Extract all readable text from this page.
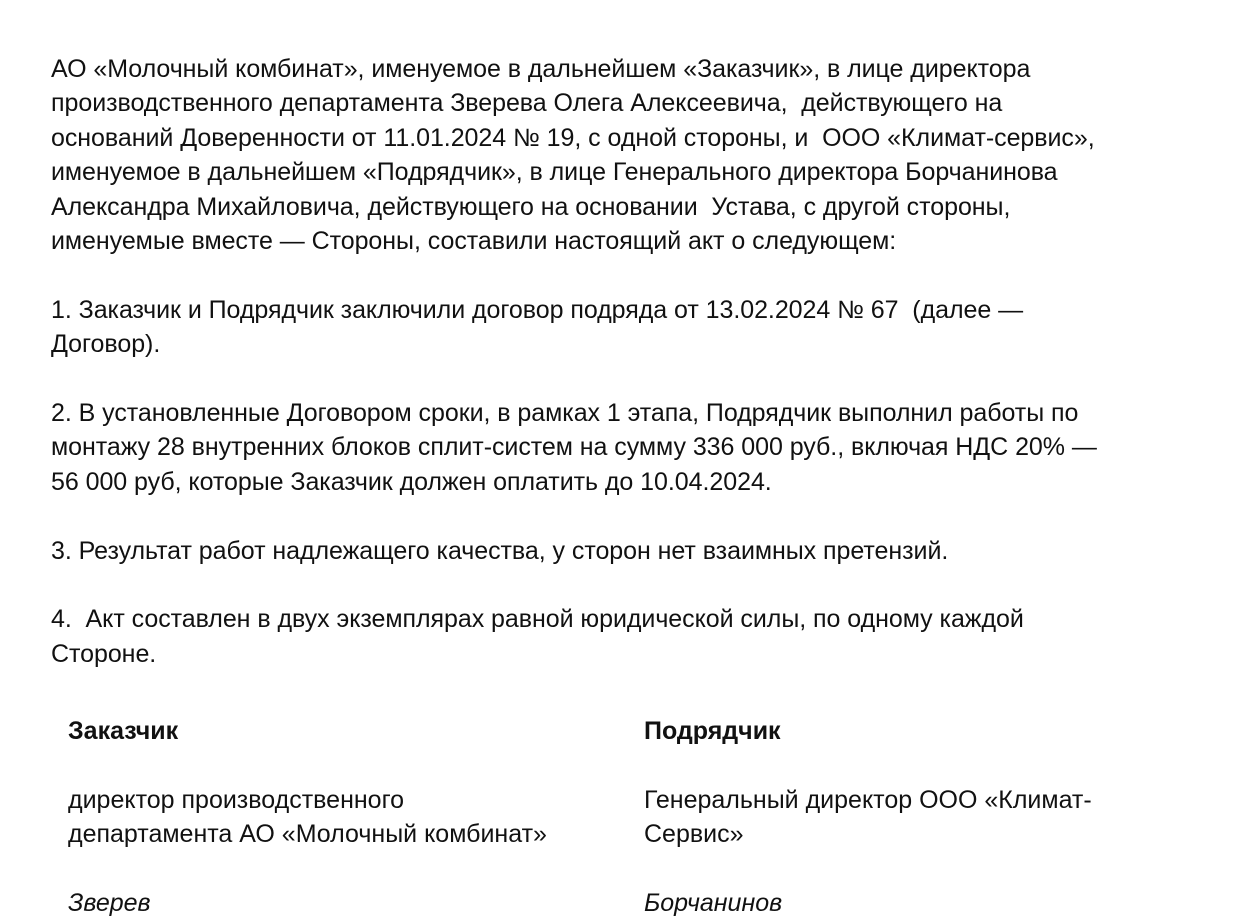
АО «Молочный комбинат», именуемое в дальнейшем «Заказчик», в лице директора
производственного департамента Зверева Олега Алексеевича,  действующего на
оснований Доверенности от 11.01.2024 № 19, с одной стороны, и  ООО «Климат-сервис»,
именуемое в дальнейшем «Подрядчик», в лице Генерального директора Борчанинова
Александра Михайловича, действующего на основании  Устава, с другой стороны,
именуемые вместе — Стороны, составили настоящий акт о следующем:

1. Заказчик и Подрядчик заключили договор подряда от 13.02.2024 № 67  (далее —
Договор).

2. В установленные Договором сроки, в рамках 1 этапа, Подрядчик выполнил работы по
монтажу 28 внутренних блоков сплит-систем на сумму 336 000 руб., включая НДС 20% —
56 000 руб, которые Заказчик должен оплатить до 10.04.2024.

3. Результат работ надлежащего качества, у сторон нет взаимных претензий.

4.  Акт составлен в двух экземплярах равной юридической силы, по одному каждой
Стороне.

Заказчик
директор производственного
департамента АО «Молочный комбинат»
Зверев
Подрядчик
Генеральный директор ООО «Климат-
Сервис»
Борчанинов
